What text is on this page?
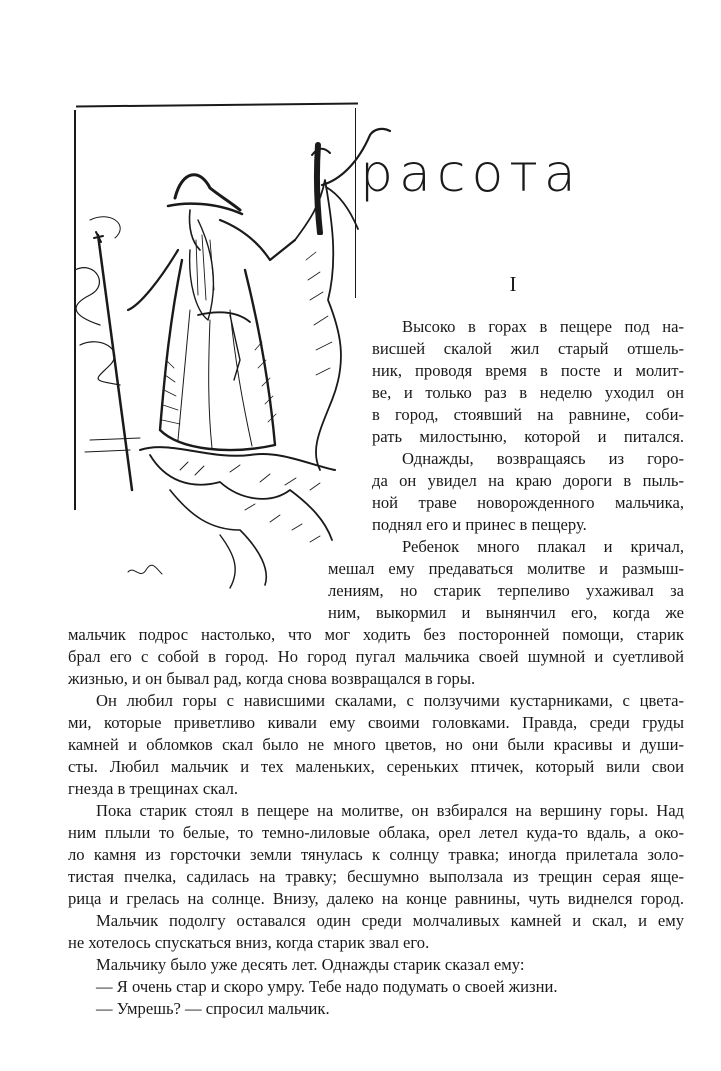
расота
I
Высоко в горах в пещере под на-
висшей скалой жил старый отшель-
ник, проводя время в посте и молит-
ве, и только раз в неделю уходил он
в город, стоявший на равнине, соби-
рать милостыню, которой и питался.
Однажды, возвращаясь из горо-
да он увидел на краю дороги в пыль-
ной траве новорожденного мальчика,
поднял его и принес в пещеру.
Ребенок много плакал и кричал,
мешал ему предаваться молитве и размыш-
лениям, но старик терпеливо ухаживал за
ним, выкормил и вынянчил его, когда же
мальчик подрос настолько, что мог ходить без посторонней помощи, старик
брал его с собой в город. Но город пугал мальчика своей шумной и суетливой
жизнью, и он бывал рад, когда снова возвращался в горы.
Он любил горы с нависшими скалами, с ползучими кустарниками, с цвета-
ми, которые приветливо кивали ему своими головками. Правда, среди груды
камней и обломков скал было не много цветов, но они были красивы и души-
сты. Любил мальчик и тех маленьких, сереньких птичек, который вили свои
гнезда в трещинах скал.
Пока старик стоял в пещере на молитве, он взбирался на вершину горы. Над
ним плыли то белые, то темно-лиловые облака, орел летел куда-то вдаль, а око-
ло камня из горсточки земли тянулась к солнцу травка; иногда прилетала золо-
тистая пчелка, садилась на травку; бесшумно выползала из трещин серая яще-
рица и грелась на солнце. Внизу, далеко на конце равнины, чуть виднелся город.
Мальчик подолгу оставался один среди молчаливых камней и скал, и ему
не хотелось спускаться вниз, когда старик звал его.
Мальчику было уже десять лет. Однажды старик сказал ему:
— Я очень стар и скоро умру. Тебе надо подумать о своей жизни.
— Умрешь? — спросил мальчик.
